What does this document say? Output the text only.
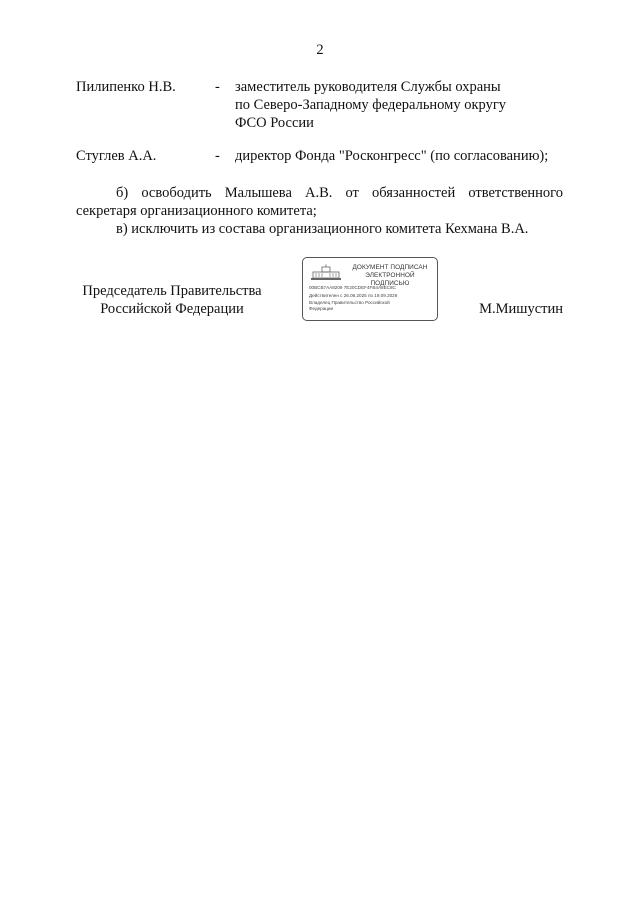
2
Пилипенко Н.В.	- заместитель руководителя Службы охраны
по Северо-Западному федеральному округу
ФСО России
Стуглев А.А.	- директор Фонда "Росконгресс" (по согласованию);
б) освободить Малышева А.В. от обязанностей ответственного
секретаря организационного комитета;
в) исключить из состава организационного комитета Кехмана В.А.
Председатель Правительства
Российской Федерации
ДОКУМЕНТ ПОДПИСАН
ЭЛЕКТРОННОЙ ПОДПИСЬЮ
00BCB7AA8209 7E20CDEF4FB4A8EC8C
Действителен с 26.06.2025 по 19.09.2026
Владелец Правительство Российской
Федерации	М.Мишустин
